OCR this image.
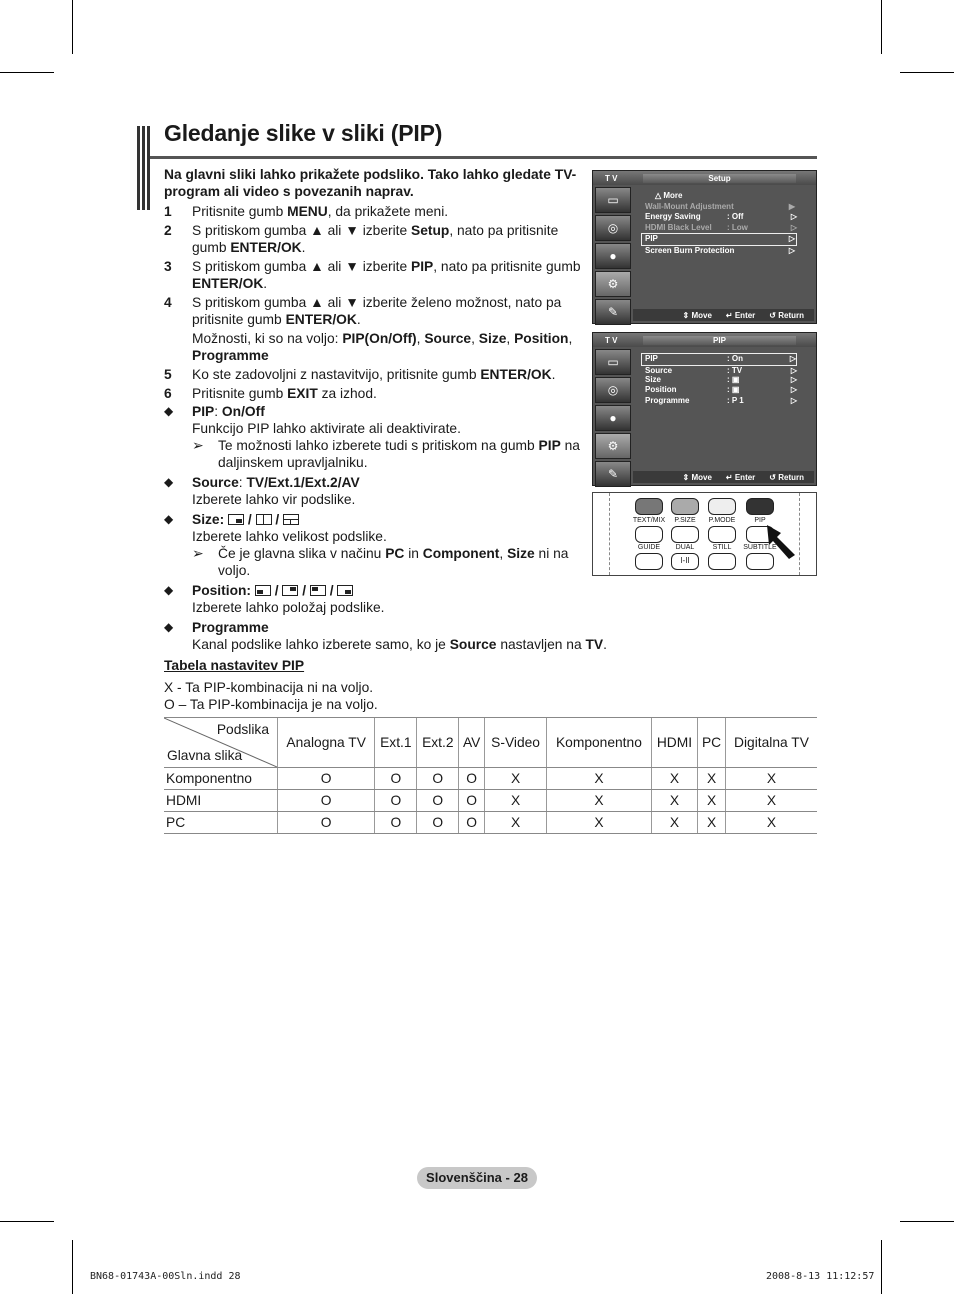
Gledanje slike v sliki (PIP)
Na glavni sliki lahko prikažete podsliko. Tako lahko gledate TV-program ali video s povezanih naprav.
1	Pritisnite gumb MENU, da prikažete meni.
2	S pritiskom gumba ▲ ali ▼ izberite Setup, nato pa pritisnite gumb ENTER/OK.
3	S pritiskom gumba ▲ ali ▼ izberite PIP, nato pa pritisnite gumb ENTER/OK.
4	S pritiskom gumba ▲ ali ▼ izberite želeno možnost, nato pa pritisnite gumb ENTER/OK.
Možnosti, ki so na voljo: PIP(On/Off), Source, Size, Position, Programme
5	Ko ste zadovoljni z nastavitvijo, pritisnite gumb ENTER/OK.
6	Pritisnite gumb EXIT za izhod.
◆	PIP: On/Off
Funkcijo PIP lahko aktivirate ali deaktivirate.
➢	Te možnosti lahko izberete tudi s pritiskom na gumb PIP na daljinskem upravljalniku.
◆	Source: TV/Ext.1/Ext.2/AV
Izberete lahko vir podslike.
◆	Size:
/
/

Izberete lahko velikost podslike.
➢	Če je glavna slika v načinu PC in Component, Size ni na voljo.
◆	Position:
/
/
/

Izberete lahko položaj podslike.
◆	Programme
Kanal podslike lahko izberete samo, ko je Source nastavljen na TV.
T V	Setup
▭
◎
●
⚙
✎
△ More
Wall-Mount Adjustment	▶
Energy Saving	: Off	▷
HDMI Black Level	: Low	▷
PIP	▷
Screen Burn Protection	▷
⇕ Move ↵ Enter ↺ Return
T V	PIP
▭
◎
●
⚙
✎
PIP	: On	▷
Source	: TV	▷
Size	: ▣	▷
Position	: ▣	▷
Programme	: P 1	▷
⇕ Move ↵ Enter ↺ Return
TEXT/MIX	P.SIZE	P.MODE	PIP
GUIDE	DUAL	STILL	SUBTITLE
I-II
Tabela nastavitev PIP
X - Ta PIP-kombinacija ni na voljo.
O – Ta PIP-kombinacija je na voljo.
Podslika
Glavna slika	Analogna TV	Ext.1	Ext.2	AV	S-Video	Komponentno	HDMI	PC	Digitalna TV
Komponentno	O	O	O	O	X	X	X	X	X
HDMI	O	O	O	O	X	X	X	X	X
PC	O	O	O	O	X	X	X	X	X
Slovenščina - 28
BN68-01743A-00Sln.indd 28	2008-8-13 11:12:57
